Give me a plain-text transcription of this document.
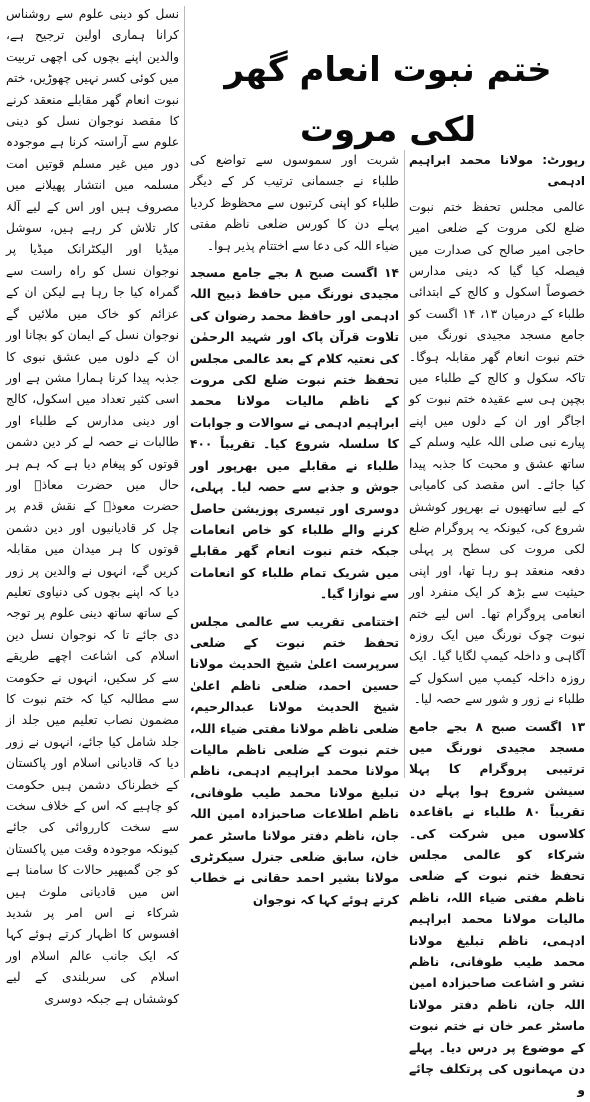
ختم نبوت انعام گھر لکی مروت

رپورٹ: مولانا محمد ابراہیم ادہمی

عالمی مجلس تحفظ ختم نبوت ضلع لکی مروت کے ضلعی امیر حاجی امیر صالح کی صدارت میں فیصلہ کیا گیا کہ دینی مدارس خصوصاً اسکول و کالج کے ابتدائی طلباء کے درمیان ۱۳، ۱۴ اگست کو جامع مسجد مجیدی نورنگ میں ختم نبوت انعام گھر مقابلہ ہوگا۔ تاکہ سکول و کالج کے طلباء میں بچپن ہی سے عقیدہ ختم نبوت کو اجاگر اور ان کے دلوں میں اپنے پیارے نبی صلی اللہ علیہ وسلم کے ساتھ عشق و محبت کا جذبہ پیدا کیا جائے۔ اس مقصد کی کامیابی کے لیے ساتھیوں نے بھرپور کوشش شروع کی، کیونکہ یہ پروگرام ضلع لکی مروت کی سطح پر پہلی دفعہ منعقد ہو رہا تھا، اور اپنی حیثیت سے بڑھ کر ایک منفرد اور انعامی پروگرام تھا۔ اس لیے ختم نبوت چوک نورنگ میں ایک روزہ آگاہی و داخلہ کیمپ لگایا گیا۔ ایک روزہ داخلہ کیمپ میں اسکول کے طلباء نے زور و شور سے حصہ لیا۔

۱۳ اگست صبح ۸ بجے جامع مسجد مجیدی نورنگ میں ترتیبی پروگرام کا پہلا سیشن شروع ہوا پہلے دن تقریباً ۸۰ طلباء نے باقاعدہ کلاسوں میں شرکت کی۔ شرکاء کو عالمی مجلس تحفظ ختم نبوت کے ضلعی ناظم مفتی ضیاء اللہ، ناظم مالیات مولانا محمد ابراہیم ادہمی، ناظم تبلیغ مولانا محمد طیب طوفانی، ناظم نشر و اشاعت صاحبزادہ امین اللہ جان، ناظم دفتر مولانا ماسٹر عمر خان نے ختم نبوت کے موضوع پر درس دیا۔ پہلے دن مہمانوں کی پرتکلف چائے و

شربت اور سموسوں سے تواضع کی طلباء نے جسمانی ترتیب کر کے دیگر طلباء کو اپنی کرتبوں سے محظوظ کردیا پہلے دن کا کورس ضلعی ناظم مفتی ضیاء اللہ کی دعا سے اختتام پذیر ہوا۔

۱۴ اگست صبح ۸ بجے جامع مسجد مجیدی نورنگ میں حافظ ذبیح اللہ ادہمی اور حافظ محمد رضوان کی تلاوت قرآن پاک اور شہید الرحمٰن کی نعتیہ کلام کے بعد عالمی مجلس تحفظ ختم نبوت ضلع لکی مروت کے ناظم مالیات مولانا محمد ابراہیم ادہمی نے سوالات و جوابات کا سلسلہ شروع کیا۔ تقریباً ۴۰۰ طلباء نے مقابلے میں بھرپور اور جوش و جذبے سے حصہ لیا۔ پہلی، دوسری اور تیسری پوزیشن حاصل کرنے والے طلباء کو خاص انعامات جبکہ ختم نبوت انعام گھر مقابلے میں شریک تمام طلباء کو انعامات سے نوازا گیا۔

اختتامی تقریب سے عالمی مجلس تحفظ ختم نبوت کے ضلعی سرپرست اعلیٰ شیخ الحدیث مولانا حسین احمد، ضلعی ناظم اعلیٰ شیخ الحدیث مولانا عبدالرحیم، ضلعی ناظم مولانا مفتی ضیاء اللہ، ختم نبوت کے ضلعی ناظم مالیات مولانا محمد ابراہیم ادہمی، ناظم تبلیغ مولانا محمد طیب طوفانی، ناظم اطلاعات صاحبزادہ امین اللہ جان، ناظم دفتر مولانا ماسٹر عمر خان، سابق ضلعی جنرل سیکرٹری مولانا بشیر احمد حقانی نے خطاب کرتے ہوئے کہا کہ نوجوان

نسل کو دینی علوم سے روشناس کرانا ہماری اولین ترجیح ہے، والدین اپنے بچوں کی اچھی تربیت میں کوئی کسر نہیں چھوڑیں، ختم نبوت انعام گھر مقابلے منعقد کرنے کا مقصد نوجوان نسل کو دینی علوم سے آراستہ کرنا ہے موجودہ دور میں غیر مسلم قوتیں امت مسلمہ میں انتشار پھیلانے میں مصروف ہیں اور اس کے لیے آلۂ کار تلاش کر رہے ہیں، سوشل میڈیا اور الیکٹرانک میڈیا پر نوجوان نسل کو راہ راست سے گمراہ کیا جا رہا ہے لیکن ان کے عزائم کو خاک میں ملائیں گے نوجوان نسل کے ایمان کو بچانا اور ان کے دلوں میں عشق نبوی کا جذبہ پیدا کرنا ہمارا مشن ہے اور اسی کثیر تعداد میں اسکول، کالج اور دینی مدارس کے طلباء اور طالبات نے حصہ لے کر دین دشمن قوتوں کو پیغام دیا ہے کہ ہم ہر حال میں حضرت معاذؓ اور حضرت معوذؓ کے نقش قدم پر چل کر قادیانیوں اور دین دشمن قوتوں کا ہر میدان میں مقابلہ کریں گے، انہوں نے والدین پر زور دیا کہ اپنے بچوں کی دنیاوی تعلیم کے ساتھ ساتھ دینی علوم پر توجہ دی جائے تا کہ نوجوان نسل دین اسلام کی اشاعت اچھے طریقے سے کر سکیں، انہوں نے حکومت سے مطالبہ کیا کہ ختم نبوت کا مضمون نصاب تعلیم میں جلد از جلد شامل کیا جائے، انہوں نے زور دیا کہ قادیانی اسلام اور پاکستان کے خطرناک دشمن ہیں حکومت کو چاہیے کہ اس کے خلاف سخت سے سخت کارروائی کی جائے کیونکہ موجودہ وقت میں پاکستان کو جن گمبھیر حالات کا سامنا ہے اس میں قادیانی ملوث ہیں شرکاء نے اس امر پر شدید افسوس کا اظہار کرتے ہوئے کہا کہ ایک جانب عالم اسلام اور اسلام کی سربلندی کے لیے کوششاں ہے جبکہ دوسری
